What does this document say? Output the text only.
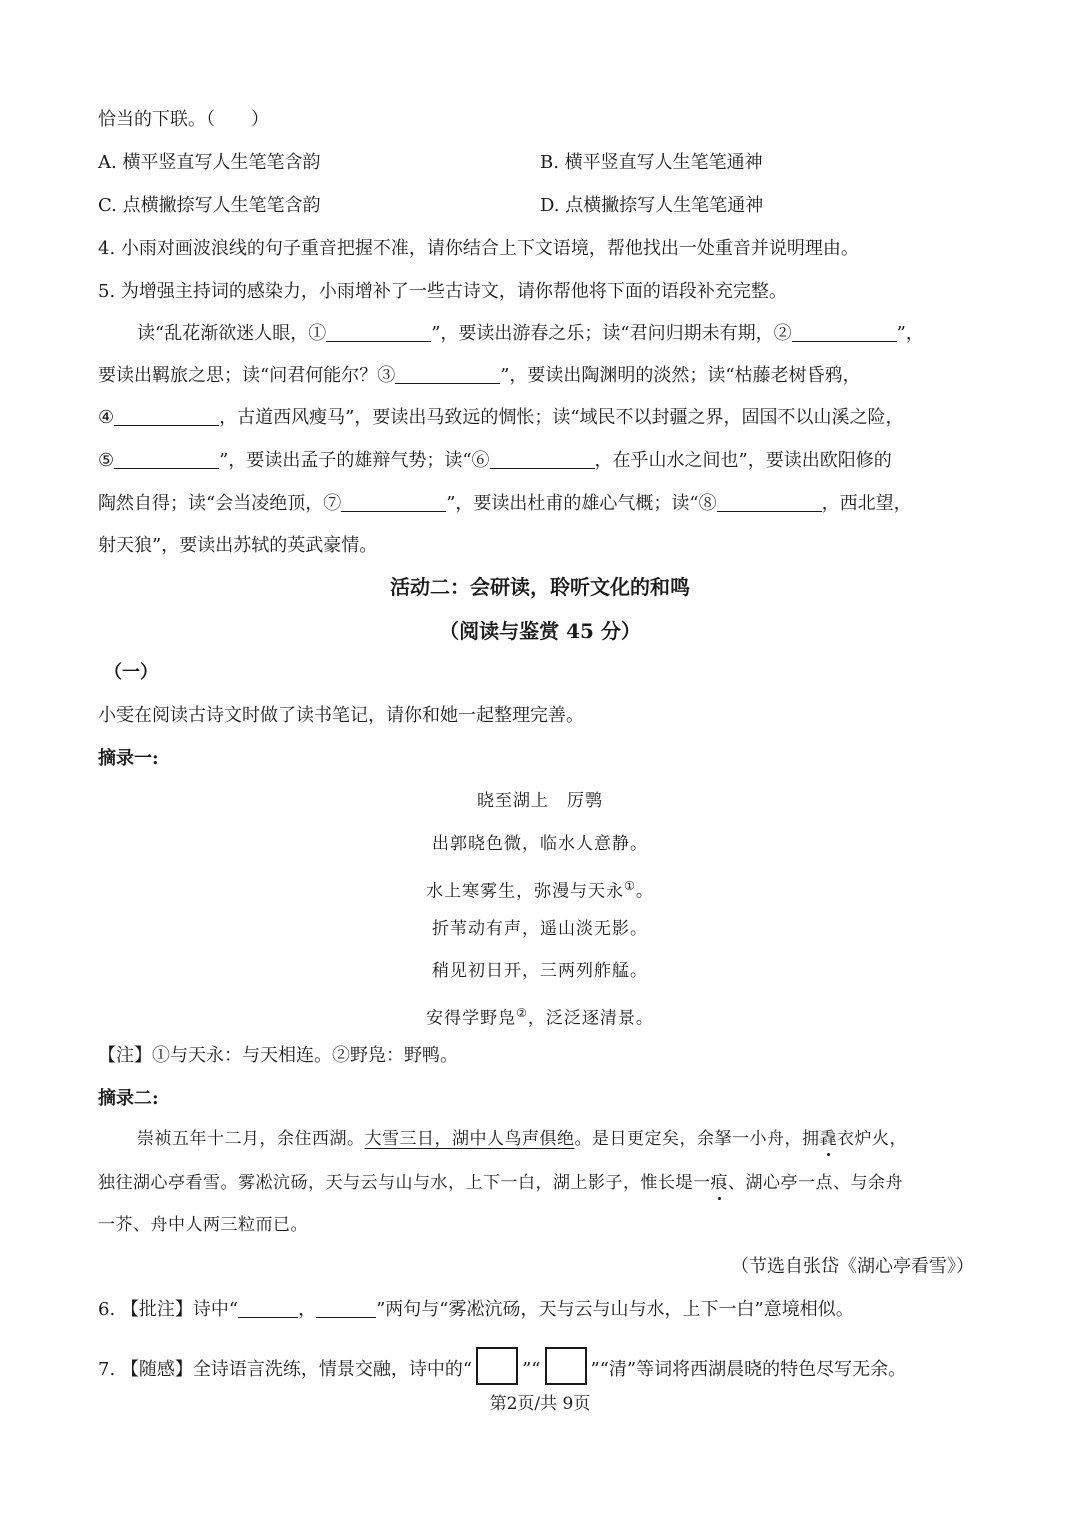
恰当的下联。（　　）
A. 横平竖直写人生笔笔含韵	B. 横平竖直写人生笔笔通神
C. 点横撇捺写人生笔笔含韵	D. 点横撇捺写人生笔笔通神
4. 小雨对画波浪线的句子重音把握不准，请你结合上下文语境，帮他找出一处重音并说明理由。
5. 为增强主持词的感染力，小雨增补了一些古诗文，请你帮他将下面的语段补充完整。
读“乱花渐欲迷人眼，①	”，要读出游春之乐；读“君问归期未有期，②	”，
要读出羁旅之思；读“问君何能尔？③	”，要读出陶渊明的淡然；读“枯藤老树昏鸦，
④	，古道西风瘦马”，要读出马致远的惆怅；读“域民不以封疆之界，固国不以山溪之险，
⑤	”，要读出孟子的雄辩气势；读“⑥	，在乎山水之间也”，要读出欧阳修的
陶然自得；读“会当凌绝顶，⑦	”，要读出杜甫的雄心气概；读“⑧	，西北望，
射天狼”，要读出苏轼的英武豪情。
活动二：会研读，聆听文化的和鸣
（阅读与鉴赏 45 分）
（一）
小雯在阅读古诗文时做了读书笔记，请你和她一起整理完善。
摘录一:
晓至湖上　厉鹗
出郭晓色微，临水人意静。
水上寒雾生，弥漫与天永①。
折苇动有声，遥山淡无影。
稍见初日开，三两列舴艋。
安得学野凫②，泛泛逐清景。
【注】①与天永：与天相连。②野凫：野鸭。
摘录二:
崇祯五年十二月，余住西湖。大雪三日，湖中人鸟声俱绝。是日更定矣，余拏一小舟，拥毳衣炉火，
独往湖心亭看雪。雾凇沆砀，天与云与山与水，上下一白，湖上影子，惟长堤一痕、湖心亭一点、与余舟
一芥、舟中人两三粒而已。
（节选自张岱《湖心亭看雪》）
6. 【批注】诗中“	，	”两句与“雾凇沆砀，天与云与山与水，上下一白”意境相似。
7. 【随感】全诗语言洗练，情景交融，诗中的“	”“	”“清”等词将西湖晨晓的特色尽写无余。
第2页/共 9页
